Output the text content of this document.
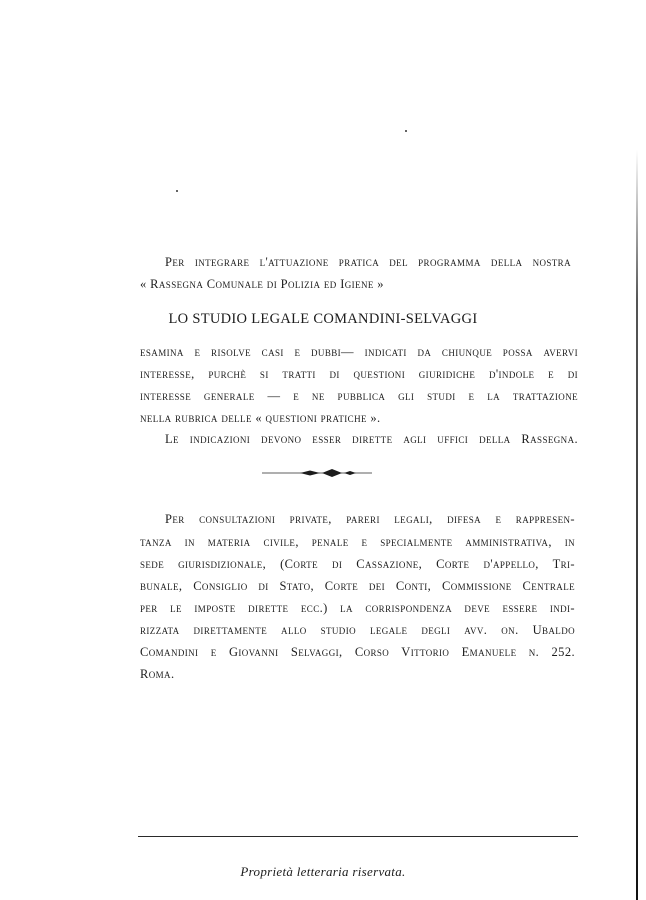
Per integrare l'attuazione pratica del programma della nostra
« Rassegna Comunale di Polizia ed Igiene »
LO STUDIO LEGALE COMANDINI-SELVAGGI
esamina e risolve casi e dubbi— indicati da chiunque possa avervi
interesse, purchè si tratti di questioni giuridiche d'indole e di
interesse generale — e ne pubblica gli studi e la trattazione
nella rubrica delle « questioni pratiche ».
Le indicazioni devono esser dirette agli uffici della Rassegna.
Per consultazioni private, pareri legali, difesa e rappresen-
tanza in materia civile, penale e specialmente amministrativa, in
sede giurisdizionale, (Corte di Cassazione, Corte d'appello, Tri-
bunale, Consiglio di Stato, Corte dei Conti, Commissione Centrale
per le imposte dirette ecc.) la corrispondenza deve essere indi-
rizzata direttamente allo studio legale degli avv. on. Ubaldo
Comandini e Giovanni Selvaggi, Corso Vittorio Emanuele n. 252.
Roma.
Proprietà letteraria riservata.
